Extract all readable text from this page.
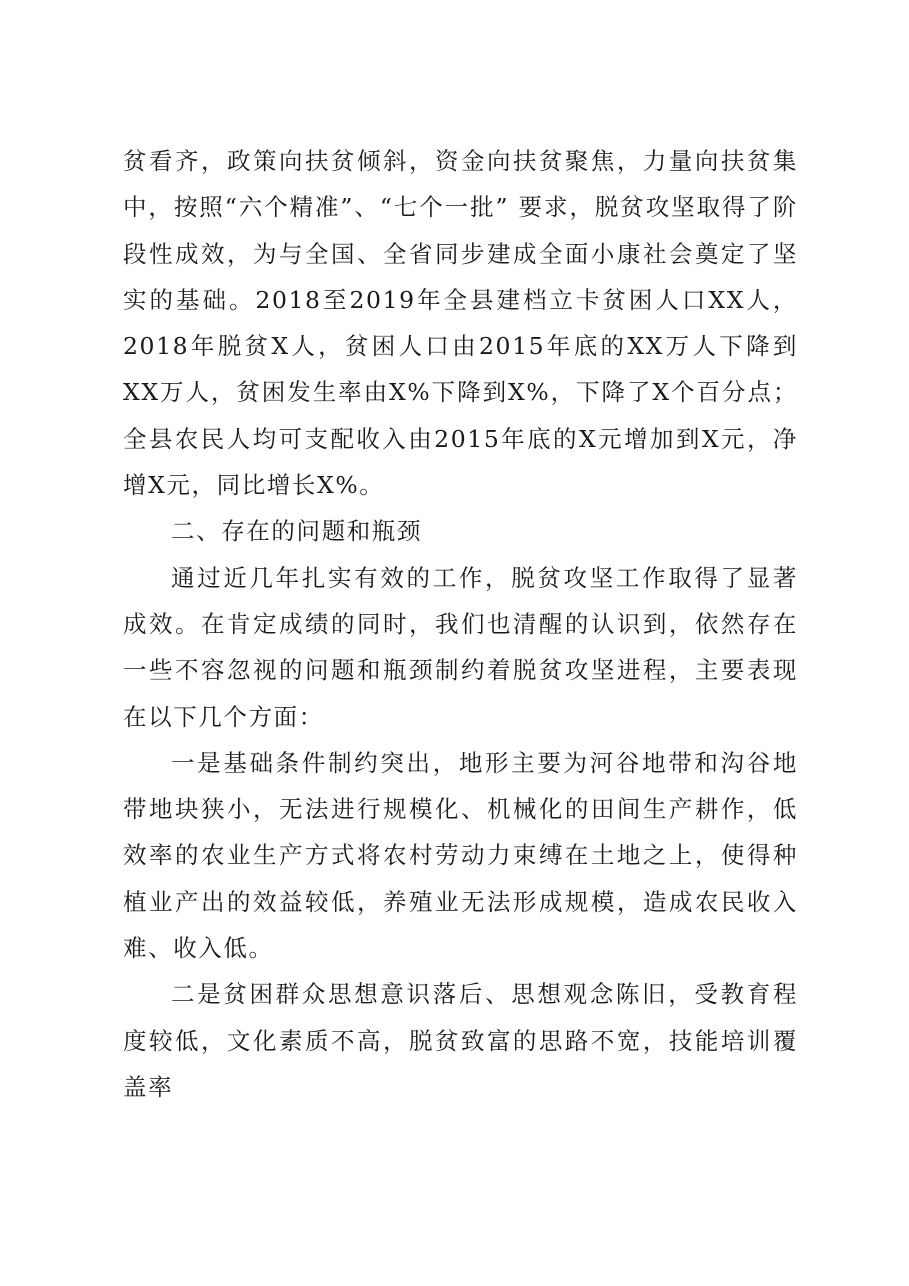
贫看齐，政策向扶贫倾斜，资金向扶贫聚焦，力量向扶贫集中，按照“六个精准”、“七个一批” 要求，脱贫攻坚取得了阶段性成效，为与全国、全省同步建成全面小康社会奠定了坚实的基础。2018至2019年全县建档立卡贫困人口XX人，2018年脱贫X人，贫困人口由2015年底的XX万人下降到XX万人，贫困发生率由X%下降到X%，下降了X个百分点；全县农民人均可支配收入由2015年底的X元增加到X元，净增X元，同比增长X%。

二、存在的问题和瓶颈

通过近几年扎实有效的工作，脱贫攻坚工作取得了显著成效。在肯定成绩的同时，我们也清醒的认识到，依然存在一些不容忽视的问题和瓶颈制约着脱贫攻坚进程，主要表现在以下几个方面：

一是基础条件制约突出，地形主要为河谷地带和沟谷地带地块狭小，无法进行规模化、机械化的田间生产耕作，低效率的农业生产方式将农村劳动力束缚在土地之上，使得种植业产出的效益较低，养殖业无法形成规模，造成农民收入难、收入低。

二是贫困群众思想意识落后、思想观念陈旧，受教育程度较低，文化素质不高，脱贫致富的思路不宽，技能培训覆盖率
